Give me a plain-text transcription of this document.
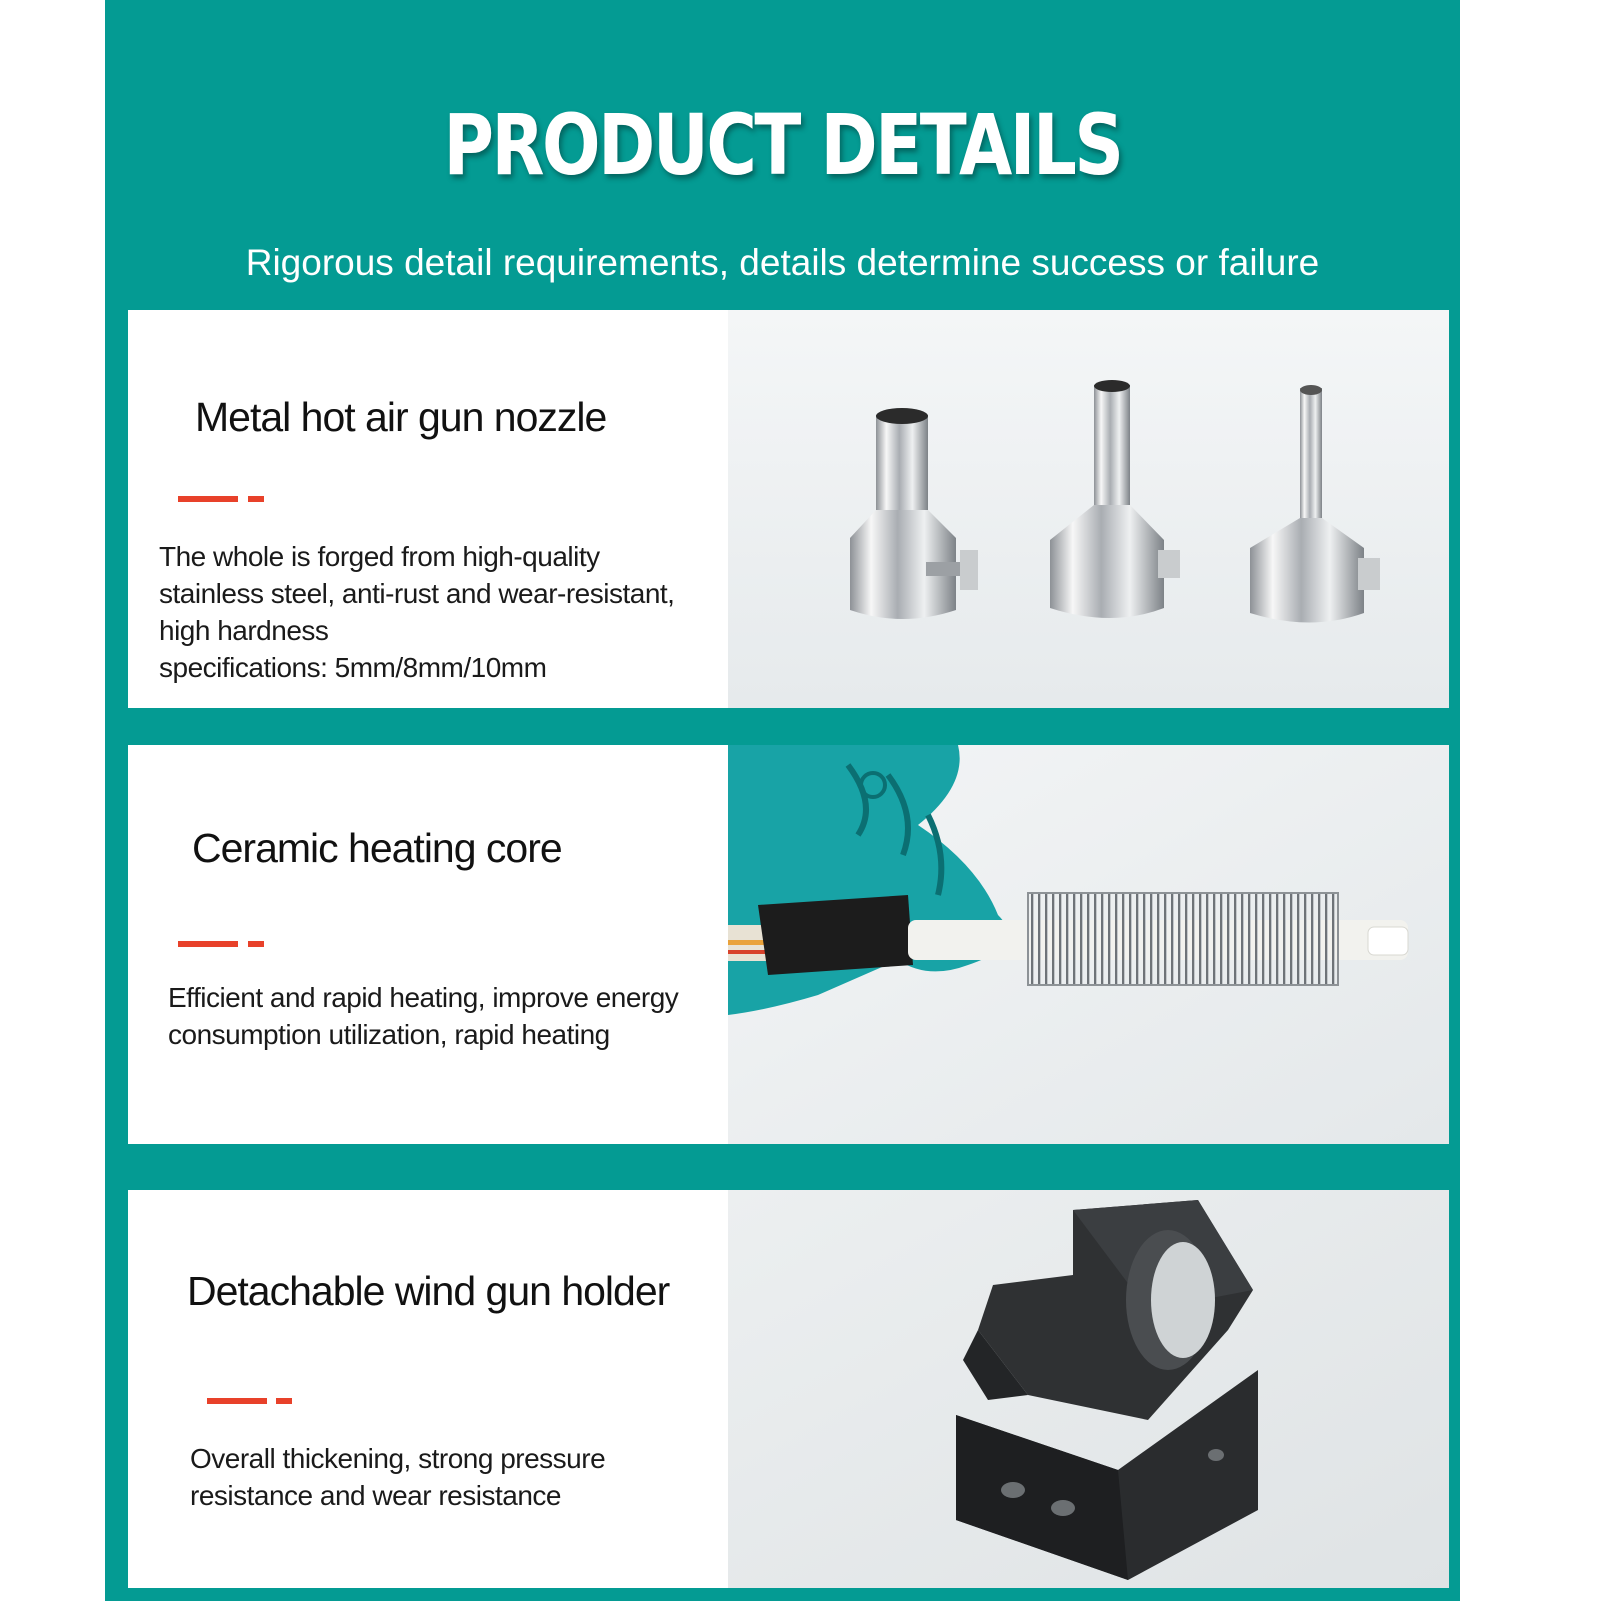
PRODUCT DETAILS
Rigorous detail requirements, details determine success or failure
Metal hot air gun nozzle
The whole is forged from high-quality
stainless steel, anti-rust and wear-resistant,
high hardness
specifications: 5mm/8mm/10mm
Ceramic heating core
Efficient and rapid heating, improve energy
consumption utilization, rapid heating
Detachable wind gun holder
Overall thickening, strong pressure
resistance and wear resistance
